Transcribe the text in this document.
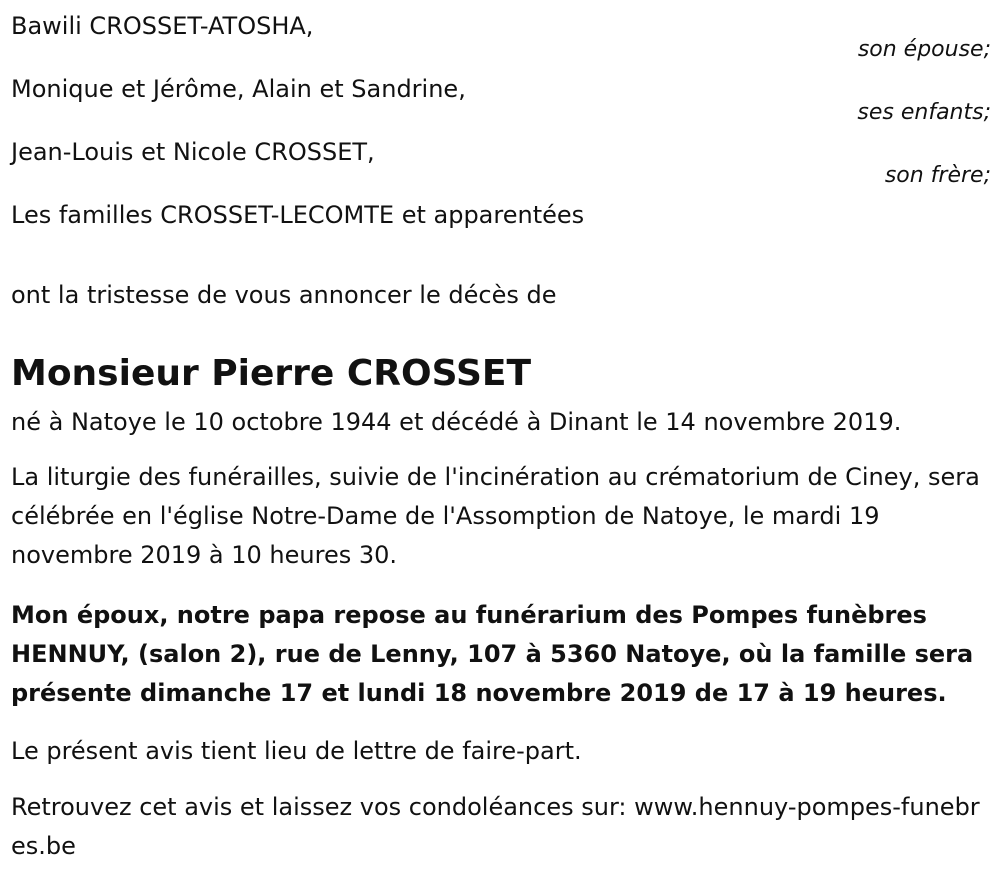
Bawili CROSSET-ATOSHA,
son épouse;
Monique et Jérôme, Alain et Sandrine,
ses enfants;
Jean-Louis et Nicole CROSSET,
son frère;
Les familles CROSSET-LECOMTE et apparentées
ont la tristesse de vous annoncer le décès de
Monsieur Pierre CROSSET
né à Natoye le 10 octobre 1944 et décédé à Dinant le 14 novembre 2019.
La liturgie des funérailles, suivie de l'incinération au crématorium de Ciney, sera célébrée en l'église Notre-Dame de l'Assomption de Natoye, le mardi 19 novembre 2019 à 10 heures 30.
Mon époux, notre papa repose au funérarium des Pompes funèbres HENNUY, (salon 2), rue de Lenny, 107 à 5360 Natoye, où la famille sera présente dimanche 17 et lundi 18 novembre 2019 de 17 à 19 heures.
Le présent avis tient lieu de lettre de faire-part.
Retrouvez cet avis et laissez vos condoléances sur: www.hennuy-pompes-funebres.be
